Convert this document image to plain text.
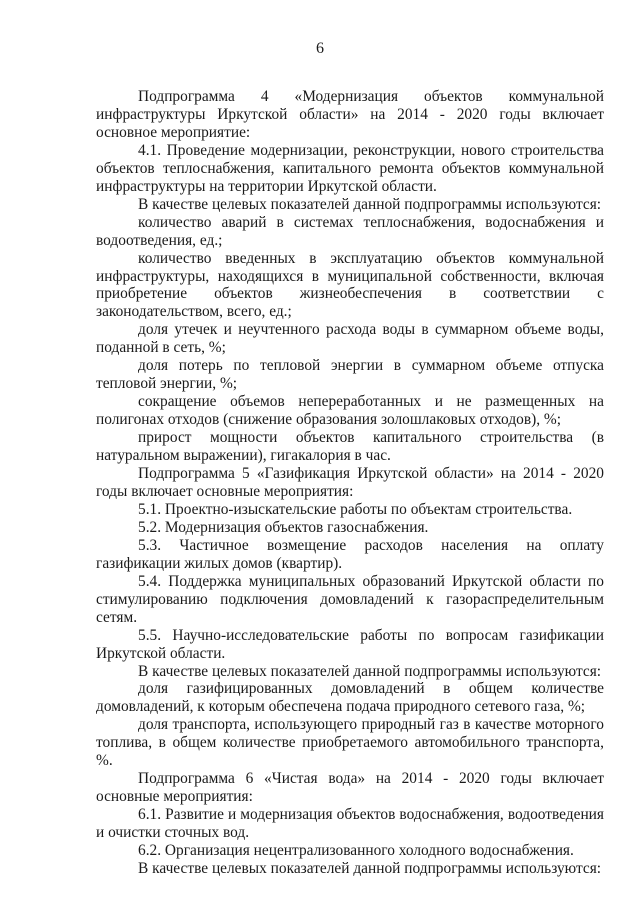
6

Подпрограмма 4 «Модернизация объектов коммунальной инфраструктуры Иркутской области» на 2014 - 2020 годы включает основное мероприятие:

4.1. Проведение модернизации, реконструкции, нового строительства объектов теплоснабжения, капитального ремонта объектов коммунальной инфраструктуры на территории Иркутской области.

В качестве целевых показателей данной подпрограммы используются:

количество аварий в системах теплоснабжения, водоснабжения и водоотведения, ед.;

количество введенных в эксплуатацию объектов коммунальной инфраструктуры, находящихся в муниципальной собственности, включая приобретение объектов жизнеобеспечения в соответствии с законодательством, всего, ед.;

доля утечек и неучтенного расхода воды в суммарном объеме воды, поданной в сеть, %;

доля потерь по тепловой энергии в суммарном объеме отпуска тепловой энергии, %;

сокращение объемов непереработанных и не размещенных на полигонах отходов (снижение образования золошлаковых отходов), %;

прирост мощности объектов капитального строительства (в натуральном выражении), гигакалория в час.

Подпрограмма 5 «Газификация Иркутской области» на 2014 - 2020 годы включает основные мероприятия:

5.1. Проектно-изыскательские работы по объектам строительства.

5.2. Модернизация объектов газоснабжения.

5.3. Частичное возмещение расходов населения на оплату газификации жилых домов (квартир).

5.4. Поддержка муниципальных образований Иркутской области по стимулированию подключения домовладений к газораспределительным сетям.

5.5. Научно-исследовательские работы по вопросам газификации Иркутской области.

В качестве целевых показателей данной подпрограммы используются:

доля газифицированных домовладений в общем количестве домовладений, к которым обеспечена подача природного сетевого газа, %;

доля транспорта, использующего природный газ в качестве моторного топлива, в общем количестве приобретаемого автомобильного транспорта, %.

Подпрограмма 6 «Чистая вода» на 2014 - 2020 годы включает основные мероприятия:

6.1. Развитие и модернизация объектов водоснабжения, водоотведения и очистки сточных вод.

6.2. Организация нецентрализованного холодного водоснабжения.

В качестве целевых показателей данной подпрограммы используются:
